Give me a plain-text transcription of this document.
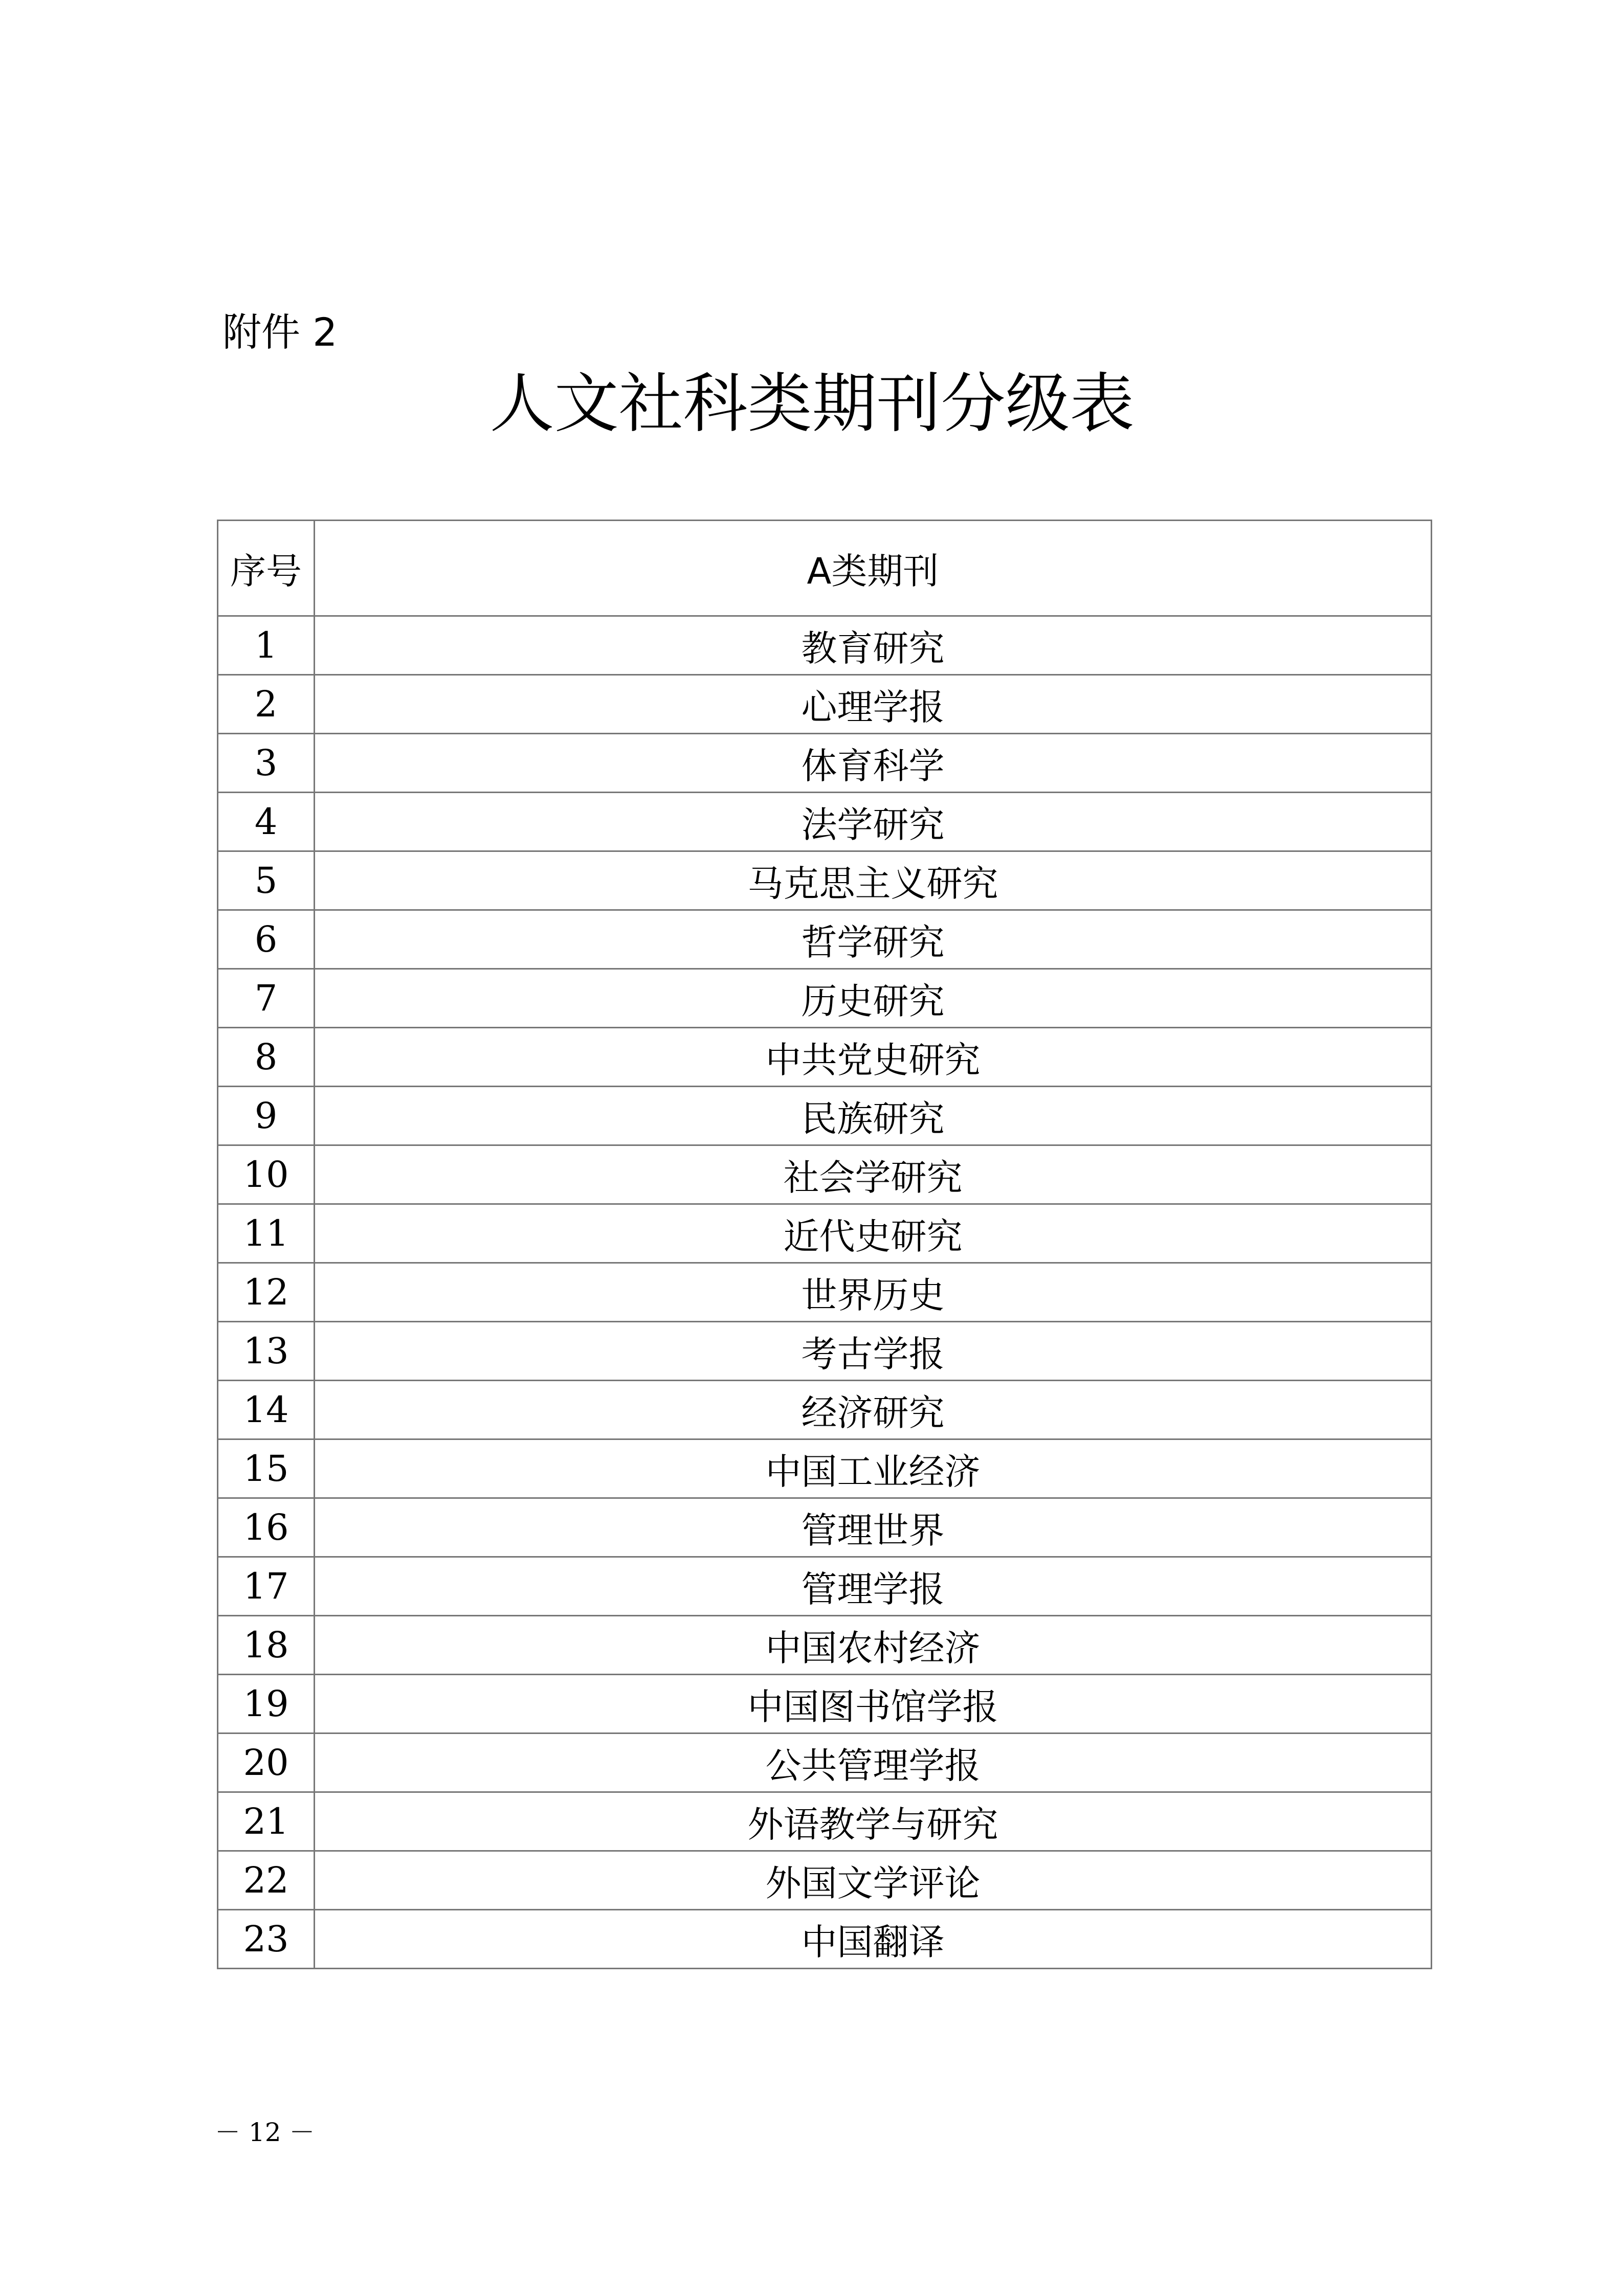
附件 2
人文社科类期刊分级表
序号	A类期刊
1	教育研究
2	心理学报
3	体育科学
4	法学研究
5	马克思主义研究
6	哲学研究
7	历史研究
8	中共党史研究
9	民族研究
10	社会学研究
11	近代史研究
12	世界历史
13	考古学报
14	经济研究
15	中国工业经济
16	管理世界
17	管理学报
18	中国农村经济
19	中国图书馆学报
20	公共管理学报
21	外语教学与研究
22	外国文学评论
23	中国翻译
－ 12 －
